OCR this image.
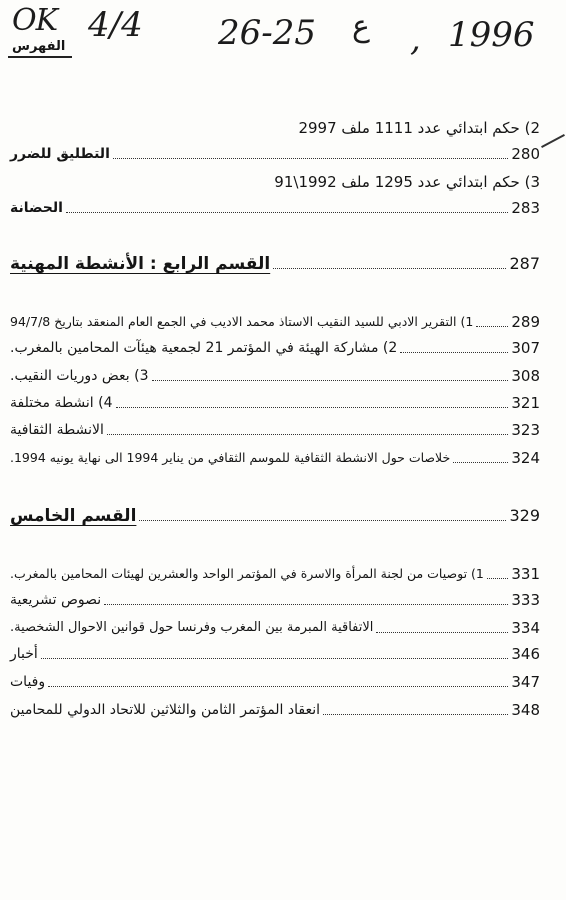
OK 4/4 26-25 ع , 1996
الفهرس
2) حكم ابتدائي عدد 1111 ملف 2997
التطليق للضرر	280
3) حكم ابتدائي عدد 1295 ملف 1992\91
الحضانة	283
القسم الرابع : الأنشطة المهنية	287
1) التقرير الادبي للسيد النقيب الاستاذ محمد الاديب في الجمع العام المنعقد بتاريخ 94/7/8	289
2) مشاركة الهيئة في المؤتمر 21 لجمعية هيئآت المحامين بالمغرب.	307
3) بعض دوريات النقيب.	308
4) انشطة مختلفة	321
الانشطة الثقافية	323
خلاصات حول الانشطة الثقافية للموسم الثقافي من يناير 1994 الى نهاية يونيه 1994.	324
القسم الخامس	329
1) توصيات من لجنة المرأة والاسرة في المؤتمر الواحد والعشرين لهيئات المحامين بالمغرب. 331
نصوص تشريعية	333
الاتفاقية المبرمة بين المغرب وفرنسا حول قوانين الاحوال الشخصية.	334
أخبار	346
وفيات	347
انعقاد المؤتمر الثامن والثلاثين للاتحاد الدولي للمحامين	348
